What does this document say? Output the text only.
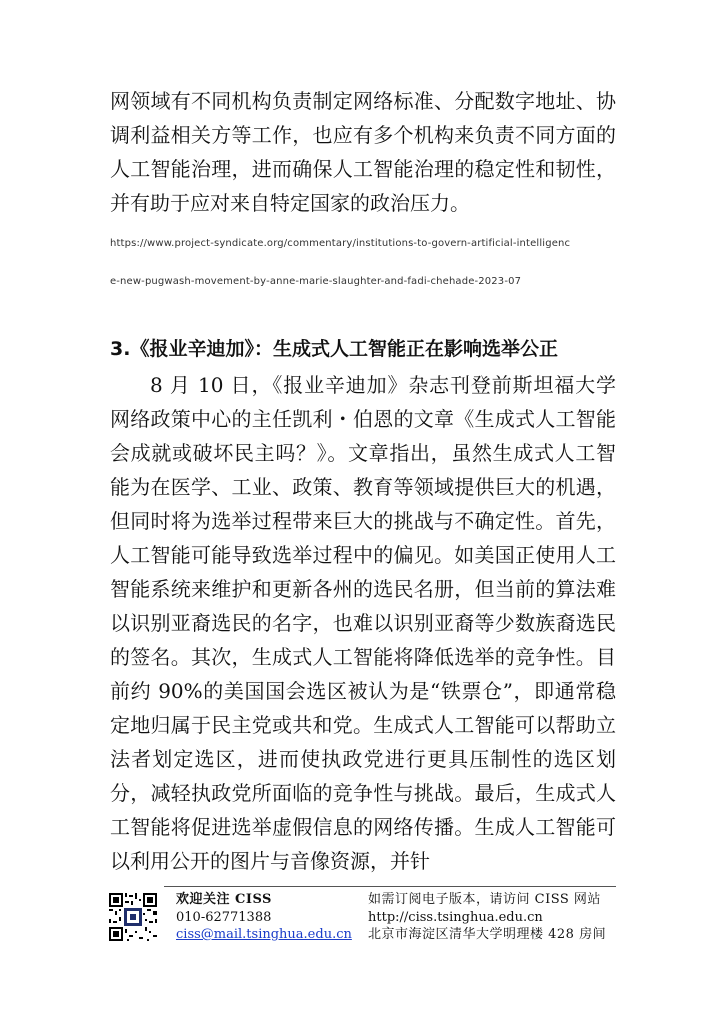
网领域有不同机构负责制定网络标准、分配数字地址、协调利益相关方等工作，也应有多个机构来负责不同方面的人工智能治理，进而确保人工智能治理的稳定性和韧性，并有助于应对来自特定国家的政治压力。

https://www.project-syndicate.org/commentary/institutions-to-govern-artificial-intelligenc

e-new-pugwash-movement-by-anne-marie-slaughter-and-fadi-chehade-2023-07

3.《报业辛迪加》：生成式人工智能正在影响选举公正

8 月 10 日，《报业辛迪加》杂志刊登前斯坦福大学网络政策中心的主任凯利・伯恩的文章《生成式人工智能会成就或破坏民主吗？》。文章指出，虽然生成式人工智能为在医学、工业、政策、教育等领域提供巨大的机遇，但同时将为选举过程带来巨大的挑战与不确定性。首先，人工智能可能导致选举过程中的偏见。如美国正使用人工智能系统来维护和更新各州的选民名册，但当前的算法难以识别亚裔选民的名字，也难以识别亚裔等少数族裔选民的签名。其次，生成式人工智能将降低选举的竞争性。目前约 90%的美国国会选区被认为是“铁票仓”，即通常稳定地归属于民主党或共和党。生成式人工智能可以帮助立法者划定选区，进而使执政党进行更具压制性的选区划分，减轻执政党所面临的竞争性与挑战。最后，生成式人工智能将促进选举虚假信息的网络传播。生成人工智能可以利用公开的图片与音像资源，并针

欢迎关注 CISS
010-62771388
ciss@mail.tsinghua.edu.cn
如需订阅电子版本，请访问 CISS 网站
http://ciss.tsinghua.edu.cn
北京市海淀区清华大学明理楼 428 房间
